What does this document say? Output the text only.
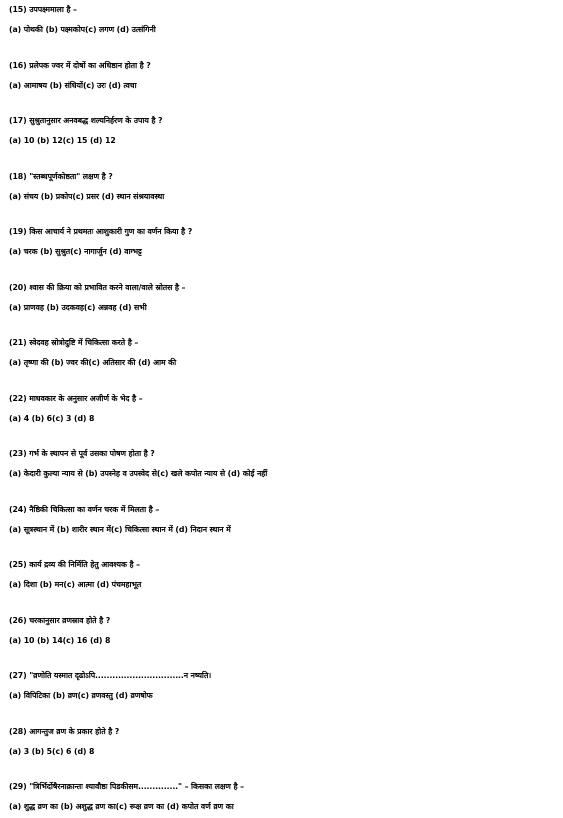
(15) उपपक्ष्ममाला है –
(a) पोथकी (b) पक्ष्मकोप(c) लगण (d) उत्संगिनी
(16) प्रलेपक ज्वर में दोषों का अधिष्ठान होता है ?
(a) आमाषय (b) संधियों(c) उरः (d) त्वचा
(17) सुश्रुतानुसार अनवबद्ध शल्यनिर्हरण के उपाय है ?
(a) 10 (b) 12(c) 15 (d) 12
(18) "स्तब्धपूर्णकोष्ठता" लक्षण है ?
(a) संचय (b) प्रकोप(c) प्रसर (d) स्थान संश्रयावस्था
(19) किस आचार्य ने प्रथमतः आशुकारी गुण का वर्णन किया है ?
(a) चरक (b) सुश्रुत(c) नागार्जुन (d) वाग्भट्ट
(20) श्वास की क्रिया को प्रभावित करने वाला/वाले स्रोतस है –
(a) प्राणवह (b) उदकवह(c) अन्नवह (d) सभी
(21) स्वेदवह स्रोत्रोदुष्टि में चिकित्सा करते है –
(a) तृष्णा की (b) ज्वर की(c) अतिसार की (d) आम की
(22) माधवकार के अनुसार अजीर्ण के भेद है –
(a) 4 (b) 6(c) 3 (d) 8
(23) गर्भ के स्थापन से पूर्व उसका पोषण होता है ?
(a) केदारी कुल्या न्याय से (b) उपस्नेह व उपस्वेद से(c) खले कपोत न्याय से (d) कोई नहीं
(24) नैष्ठिकी चिकित्सा का वर्णन चरक में मिलता है –
(a) सूत्रस्थान में (b) शारीर स्थान में(c) चिकित्सा स्थान में (d) निदान स्थान में
(25) कार्य द्रव्य की निर्मिति हेतु आवश्यक है –
(a) दिशा (b) मन(c) आत्मा (d) पंचमहाभूत
(26) चरकानुसार व्रणस्राव होते है ?
(a) 10 (b) 14(c) 16 (d) 8
(27) "व्रणोति यस्मात दृढोऽपि...............................न नष्यति।
(a) विपिटिका (b) व्रण(c) व्रणवस्तु (d) व्रणषोफ
(28) आगन्तुज व्रण के प्रकार होते है ?
(a) 3 (b) 5(c) 6 (d) 8
(29) "त्रिर्भिर्दोषैरनाक्रान्तः श्यावौष्ठः पिडकीसम.............." – किसका लक्षण है –
(a) शुद्ध व्रण का (b) अशुद्ध व्रण का(c) रूक्ष व्रण का (d) कपोत वर्ण व्रण का
